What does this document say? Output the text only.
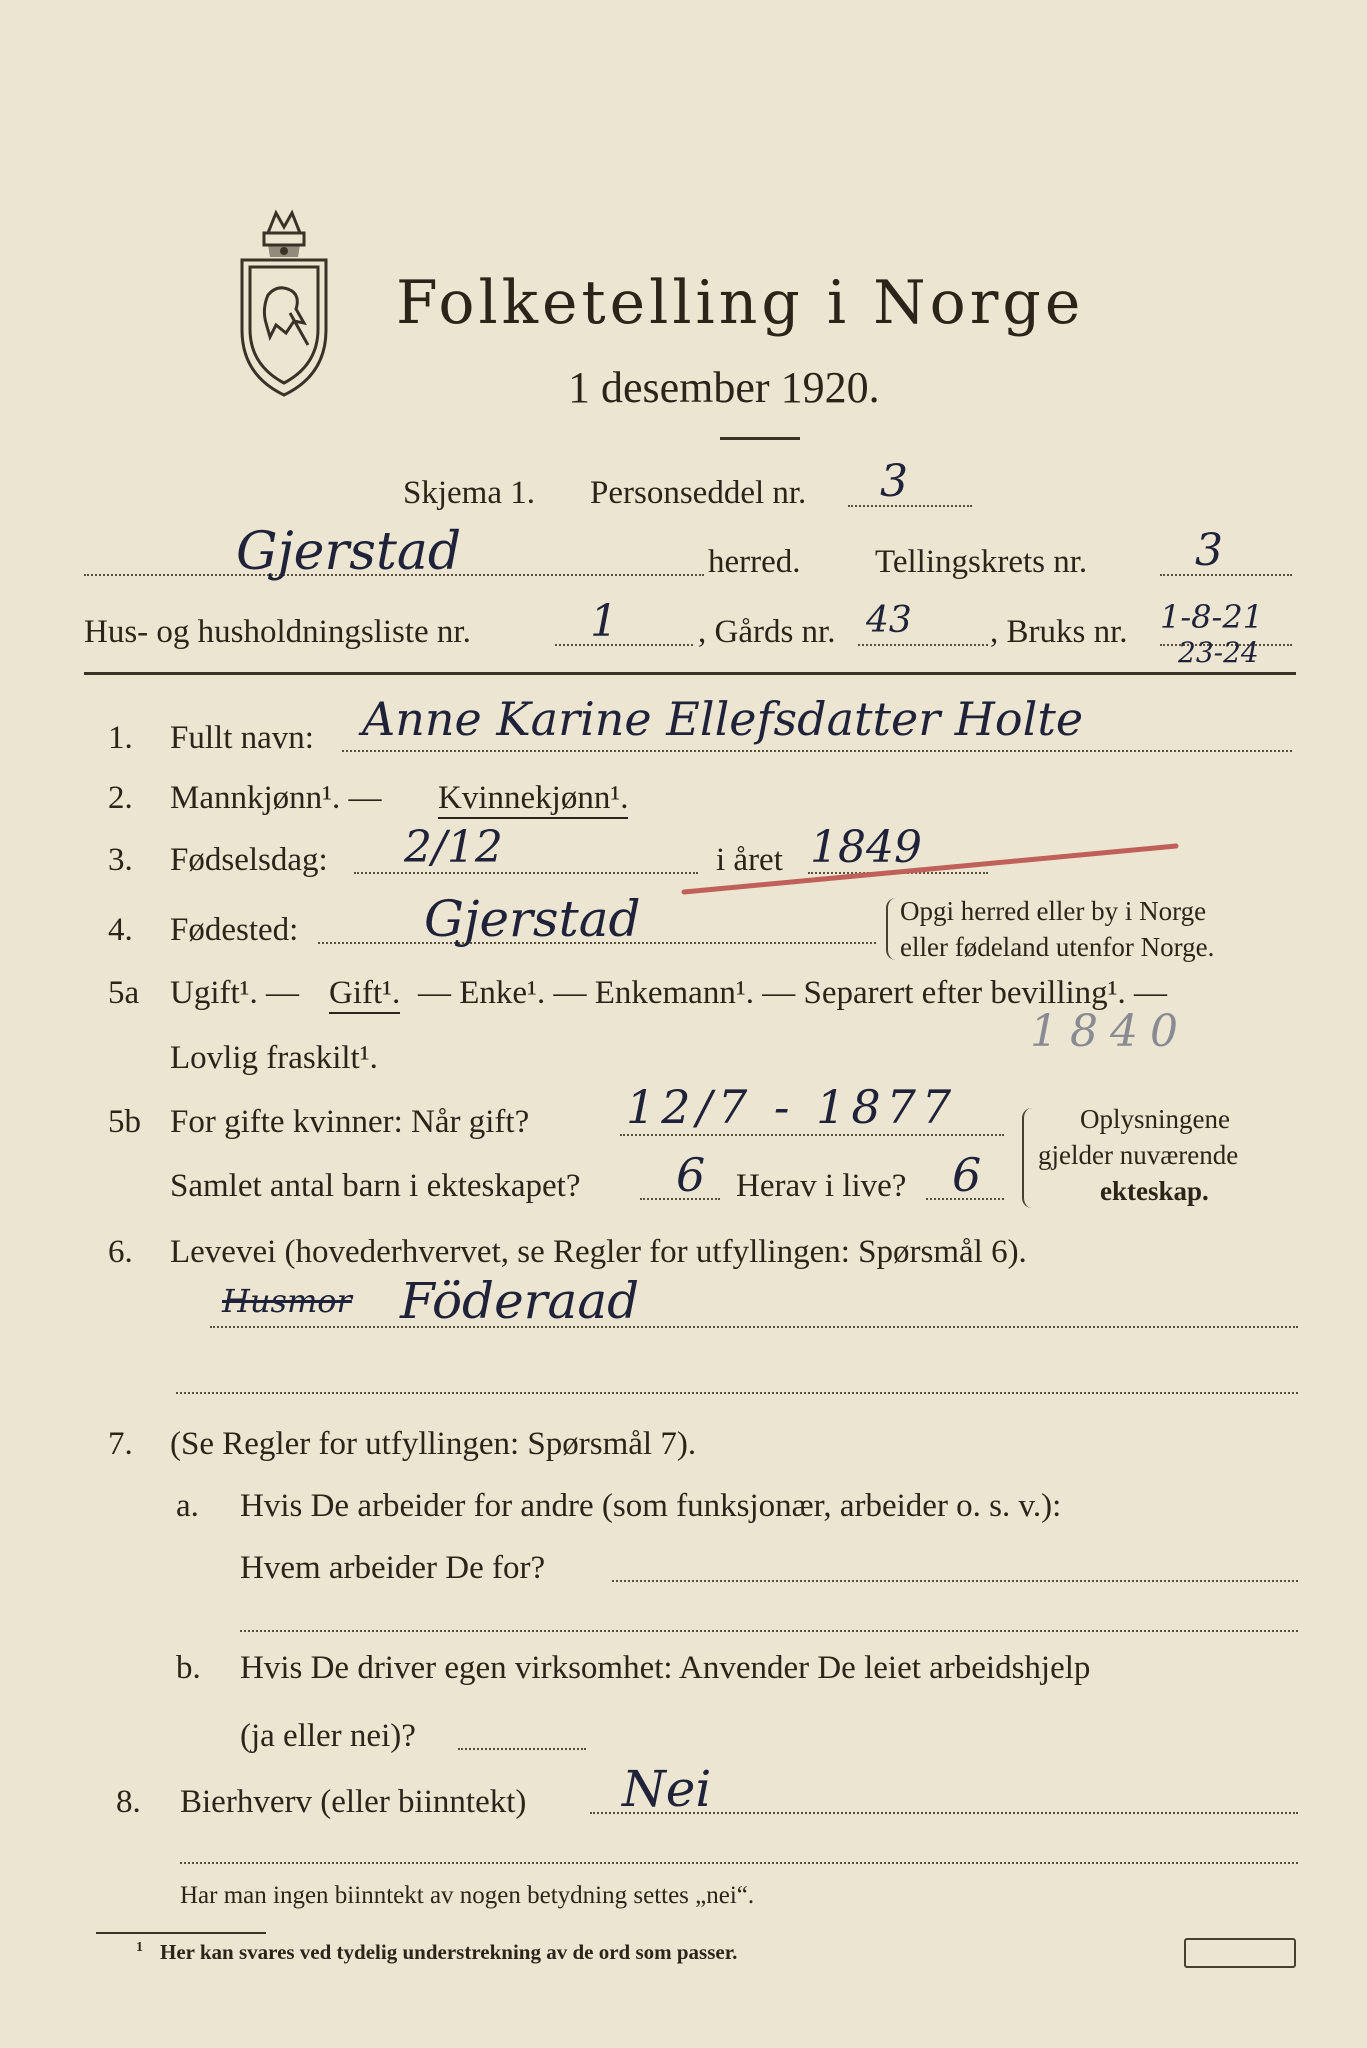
Folketelling i Norge
1 desember 1920.
Skjema 1. Personseddel nr. 3
Gjerstad	herred. Tellingskrets nr. 3
Hus- og husholdningsliste nr.	1 , Gårds nr. 43 , Bruks nr. 1-8-21
23-24
1. Fullt navn: Anne Karine Ellefsdatter Holte
2. Mannkjønn¹. — Kvinnekjønn¹.
3. Fødselsdag: 2/12	i året 1849
4. Fødested:	Gjerstad	Opgi herred eller by i Norge
eller fødeland utenfor Norge.
5a Ugift¹. — Gift¹. — Enke¹. — Enkemann¹. — Separert efter bevilling¹. —
Lovlig fraskilt¹.
1840
5b For gifte kvinner: Når gift? 12/7 - 1877
Samlet antal barn i ekteskapet? 6 Herav i live? 6
Oplysningene
gjelder nuværende
ekteskap.
6. Levevei (hovederhvervet, se Regler for utfyllingen: Spørsmål 6).
Husmor Föderaad
7. (Se Regler for utfyllingen: Spørsmål 7).
a. Hvis De arbeider for andre (som funksjonær, arbeider o. s. v.):
Hvem arbeider De for?
b. Hvis De driver egen virksomhet: Anvender De leiet arbeidshjelp
(ja eller nei)?
8. Bierhverv (eller biinntekt) Nei
Har man ingen biinntekt av nogen betydning settes „nei“.
1 Her kan svares ved tydelig understrekning av de ord som passer.
